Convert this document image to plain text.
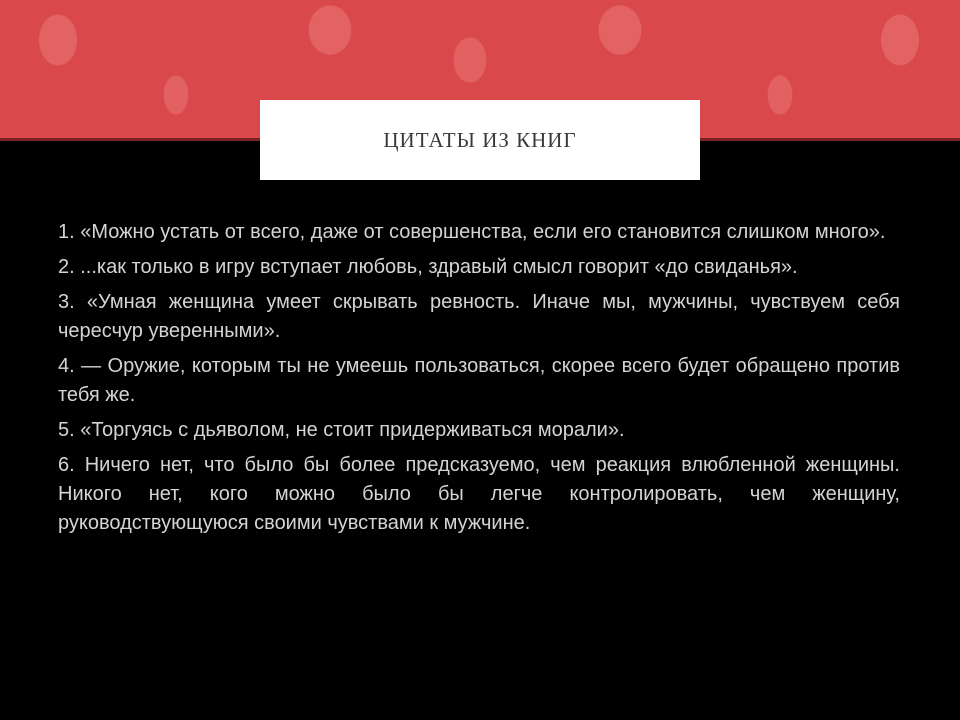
ЦИТАТЫ ИЗ КНИГ

1. «Можно устать от всего, даже от совершенства, если его становится слишком много».

2. ...как только в игру вступает любовь, здравый смысл говорит «до свиданья».

3. «Умная женщина умеет скрывать ревность. Иначе мы, мужчины, чувствуем себя чересчур уверенными».

4. — Оружие, которым ты не умеешь пользоваться, скорее всего будет обращено против тебя же.

5. «Торгуясь с дьяволом, не стоит придерживаться морали».

6. Ничего нет, что было бы более предсказуемо, чем реакция влюбленной женщины. Никого нет, кого можно было бы легче контролировать, чем женщину, руководствующуюся своими чувствами к мужчине.
